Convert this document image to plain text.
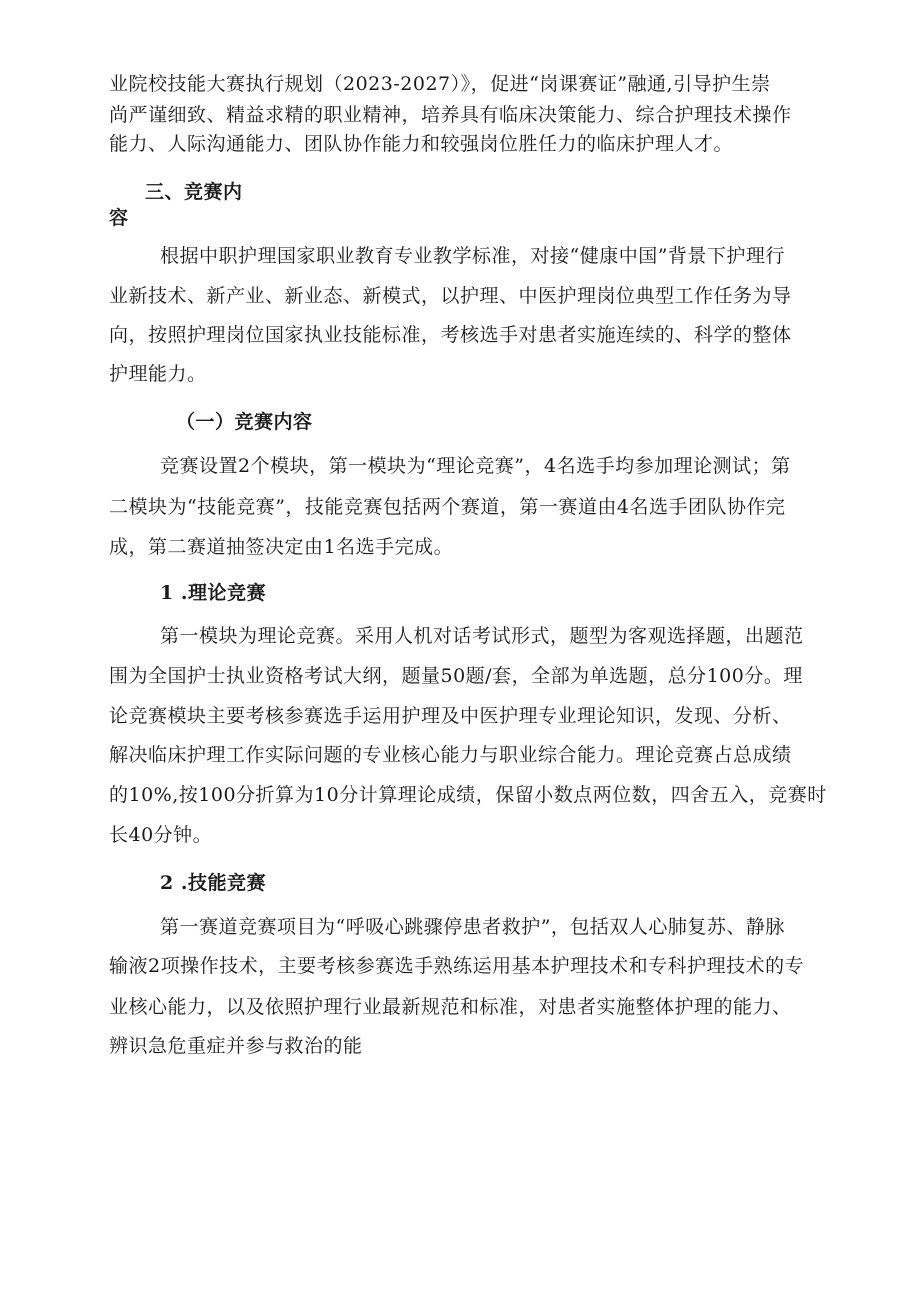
业院校技能大赛执行规划（2023-2027）》，促进“岗课赛证”融通,引导护生崇
尚严谨细致、精益求精的职业精神，培养具有临床决策能力、综合护理技术操作
能力、人际沟通能力、团队协作能力和较强岗位胜任力的临床护理人才。
三、竞赛内
容
根据中职护理国家职业教育专业教学标准，对接“健康中国”背景下护理行
业新技术、新产业、新业态、新模式，以护理、中医护理岗位典型工作任务为导
向，按照护理岗位国家执业技能标准，考核选手对患者实施连续的、科学的整体
护理能力。
（一）竞赛内容
竞赛设置2个模块，第一模块为“理论竞赛”，4名选手均参加理论测试；第
二模块为“技能竞赛”，技能竞赛包括两个赛道，第一赛道由4名选手团队协作完
成，第二赛道抽签决定由1名选手完成。
1 .理论竞赛
第一模块为理论竞赛。采用人机对话考试形式，题型为客观选择题，出题范
围为全国护士执业资格考试大纲，题量50题/套，全部为单选题，总分100分。理
论竞赛模块主要考核参赛选手运用护理及中医护理专业理论知识，发现、分析、
解决临床护理工作实际问题的专业核心能力与职业综合能力。理论竞赛占总成绩
的10%,按100分折算为10分计算理论成绩，保留小数点两位数，四舍五入，竞赛时
长40分钟。
2 .技能竞赛
第一赛道竞赛项目为“呼吸心跳骤停患者救护”，包括双人心肺复苏、静脉
输液2项操作技术，主要考核参赛选手熟练运用基本护理技术和专科护理技术的专
业核心能力，以及依照护理行业最新规范和标准，对患者实施整体护理的能力、
辨识急危重症并参与救治的能
